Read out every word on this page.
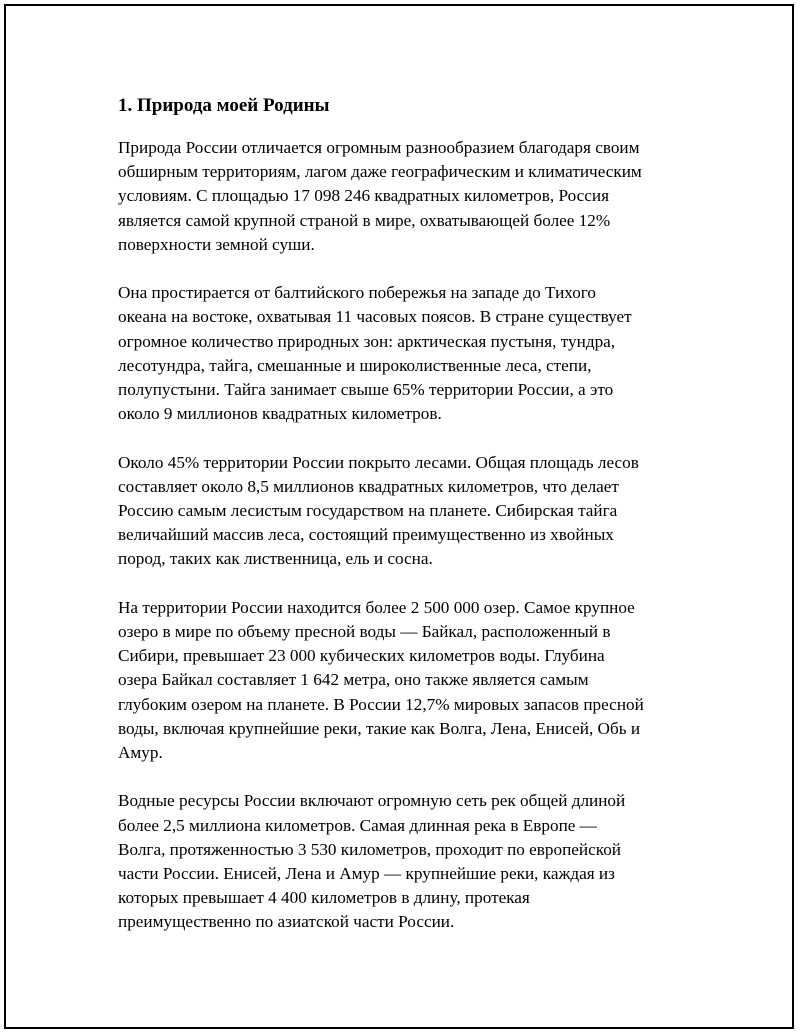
1. Природа моей Родины
Природа России отличается огромным разнообразием благодаря своим
обширным территориям, лагом даже географическим и климатическим
условиям. С площадью 17 098 246 квадратных километров, Россия
является самой крупной страной в мире, охватывающей более 12%
поверхности земной суши.
Она простирается от балтийского побережья на западе до Тихого
океана на востоке, охватывая 11 часовых поясов. В стране существует
огромное количество природных зон: арктическая пустыня, тундра,
лесотундра, тайга, смешанные и широколиственные леса, степи,
полупустыни. Тайга занимает свыше 65% территории России, а это
около 9 миллионов квадратных километров.
Около 45% территории России покрыто лесами. Общая площадь лесов
составляет около 8,5 миллионов квадратных километров, что делает
Россию самым лесистым государством на планете. Сибирская тайга
величайший массив леса, состоящий преимущественно из хвойных
пород, таких как лиственница, ель и сосна.
На территории России находится более 2 500 000 озер. Самое крупное
озеро в мире по объему пресной воды — Байкал, расположенный в
Сибири, превышает 23 000 кубических километров воды. Глубина
озера Байкал составляет 1 642 метра, оно также является самым
глубоким озером на планете. В России 12,7% мировых запасов пресной
воды, включая крупнейшие реки, такие как Волга, Лена, Енисей, Обь и
Амур.
Водные ресурсы России включают огромную сеть рек общей длиной
более 2,5 миллиона километров. Самая длинная река в Европе —
Волга, протяженностью 3 530 километров, проходит по европейской
части России. Енисей, Лена и Амур — крупнейшие реки, каждая из
которых превышает 4 400 километров в длину, протекая
преимущественно по азиатской части России.
